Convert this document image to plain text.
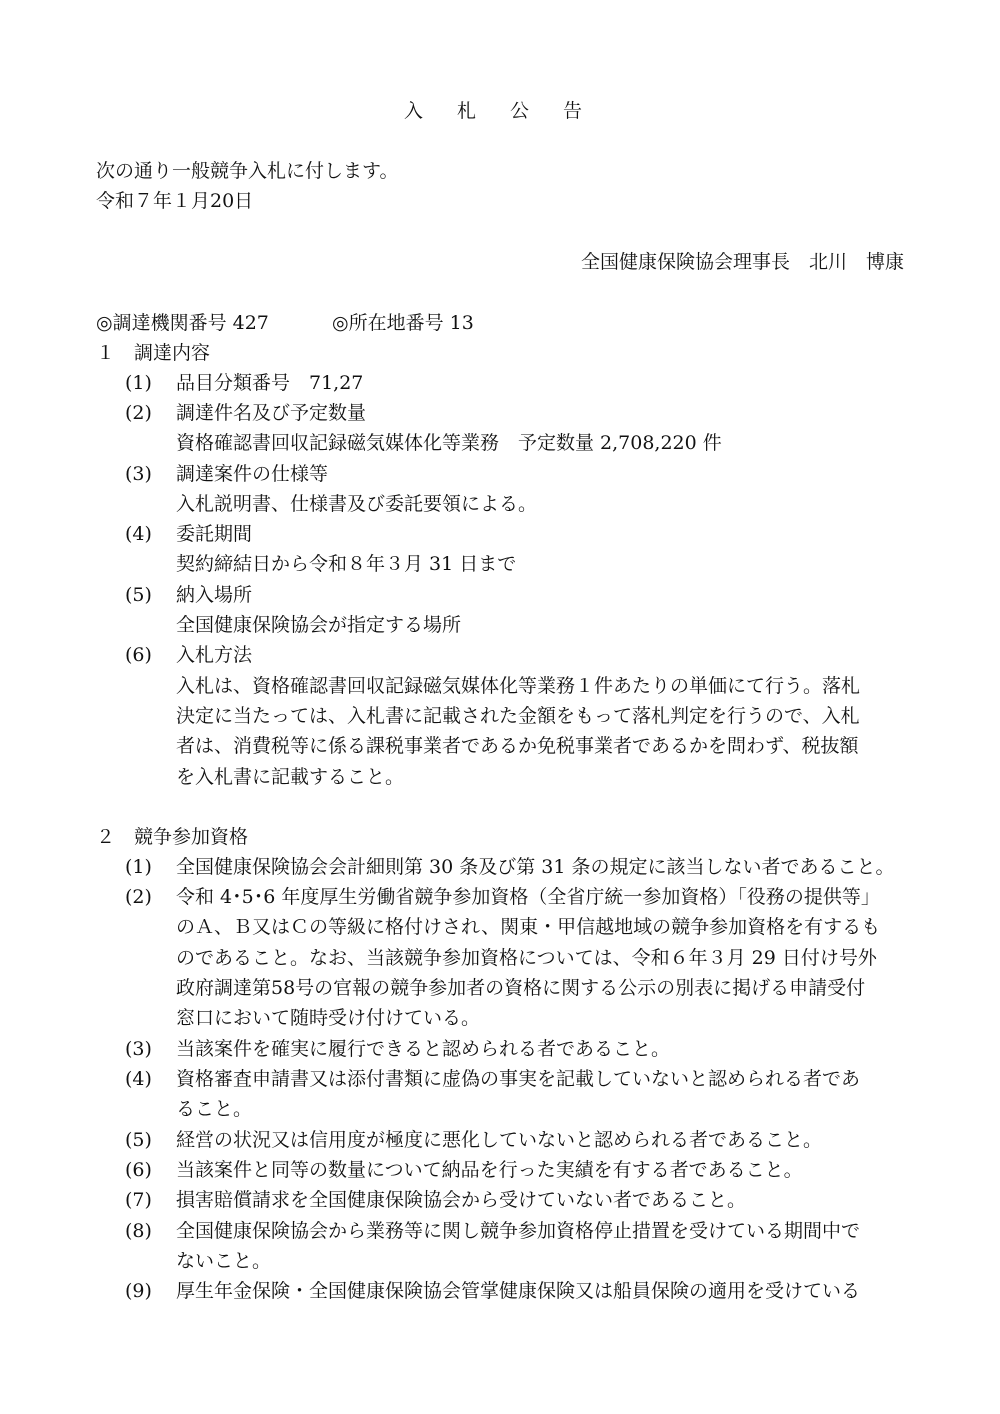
入 札 公 告
次の通り一般競争入札に付します。
令和７年１月20日
全国健康保険協会理事長　北川　博康
◎調達機関番号 427	◎所在地番号 13
１　調達内容
(1) 品目分類番号　71,27
(2) 調達件名及び予定数量
資格確認書回収記録磁気媒体化等業務　予定数量 2,708,220 件
(3) 調達案件の仕様等
入札説明書、仕様書及び委託要領による。
(4) 委託期間
契約締結日から令和８年３月 31 日まで
(5) 納入場所
全国健康保険協会が指定する場所
(6) 入札方法
入札は、資格確認書回収記録磁気媒体化等業務１件あたりの単価にて行う。落札
決定に当たっては、入札書に記載された金額をもって落札判定を行うので、入札
者は、消費税等に係る課税事業者であるか免税事業者であるかを問わず、税抜額
を入札書に記載すること。
２　競争参加資格
(1) 全国健康保険協会会計細則第 30 条及び第 31 条の規定に該当しない者であること。
(2) 令和 4･5･6 年度厚生労働省競争参加資格（全省庁統一参加資格）「役務の提供等」
のＡ、Ｂ又はＣの等級に格付けされ、関東・甲信越地域の競争参加資格を有するも
のであること。なお、当該競争参加資格については、令和６年３月 29 日付け号外
政府調達第58号の官報の競争参加者の資格に関する公示の別表に掲げる申請受付
窓口において随時受け付けている。
(3) 当該案件を確実に履行できると認められる者であること。
(4) 資格審査申請書又は添付書類に虚偽の事実を記載していないと認められる者であ
ること。
(5) 経営の状況又は信用度が極度に悪化していないと認められる者であること。
(6) 当該案件と同等の数量について納品を行った実績を有する者であること。
(7) 損害賠償請求を全国健康保険協会から受けていない者であること。
(8) 全国健康保険協会から業務等に関し競争参加資格停止措置を受けている期間中で
ないこと。
(9) 厚生年金保険・全国健康保険協会管掌健康保険又は船員保険の適用を受けている
